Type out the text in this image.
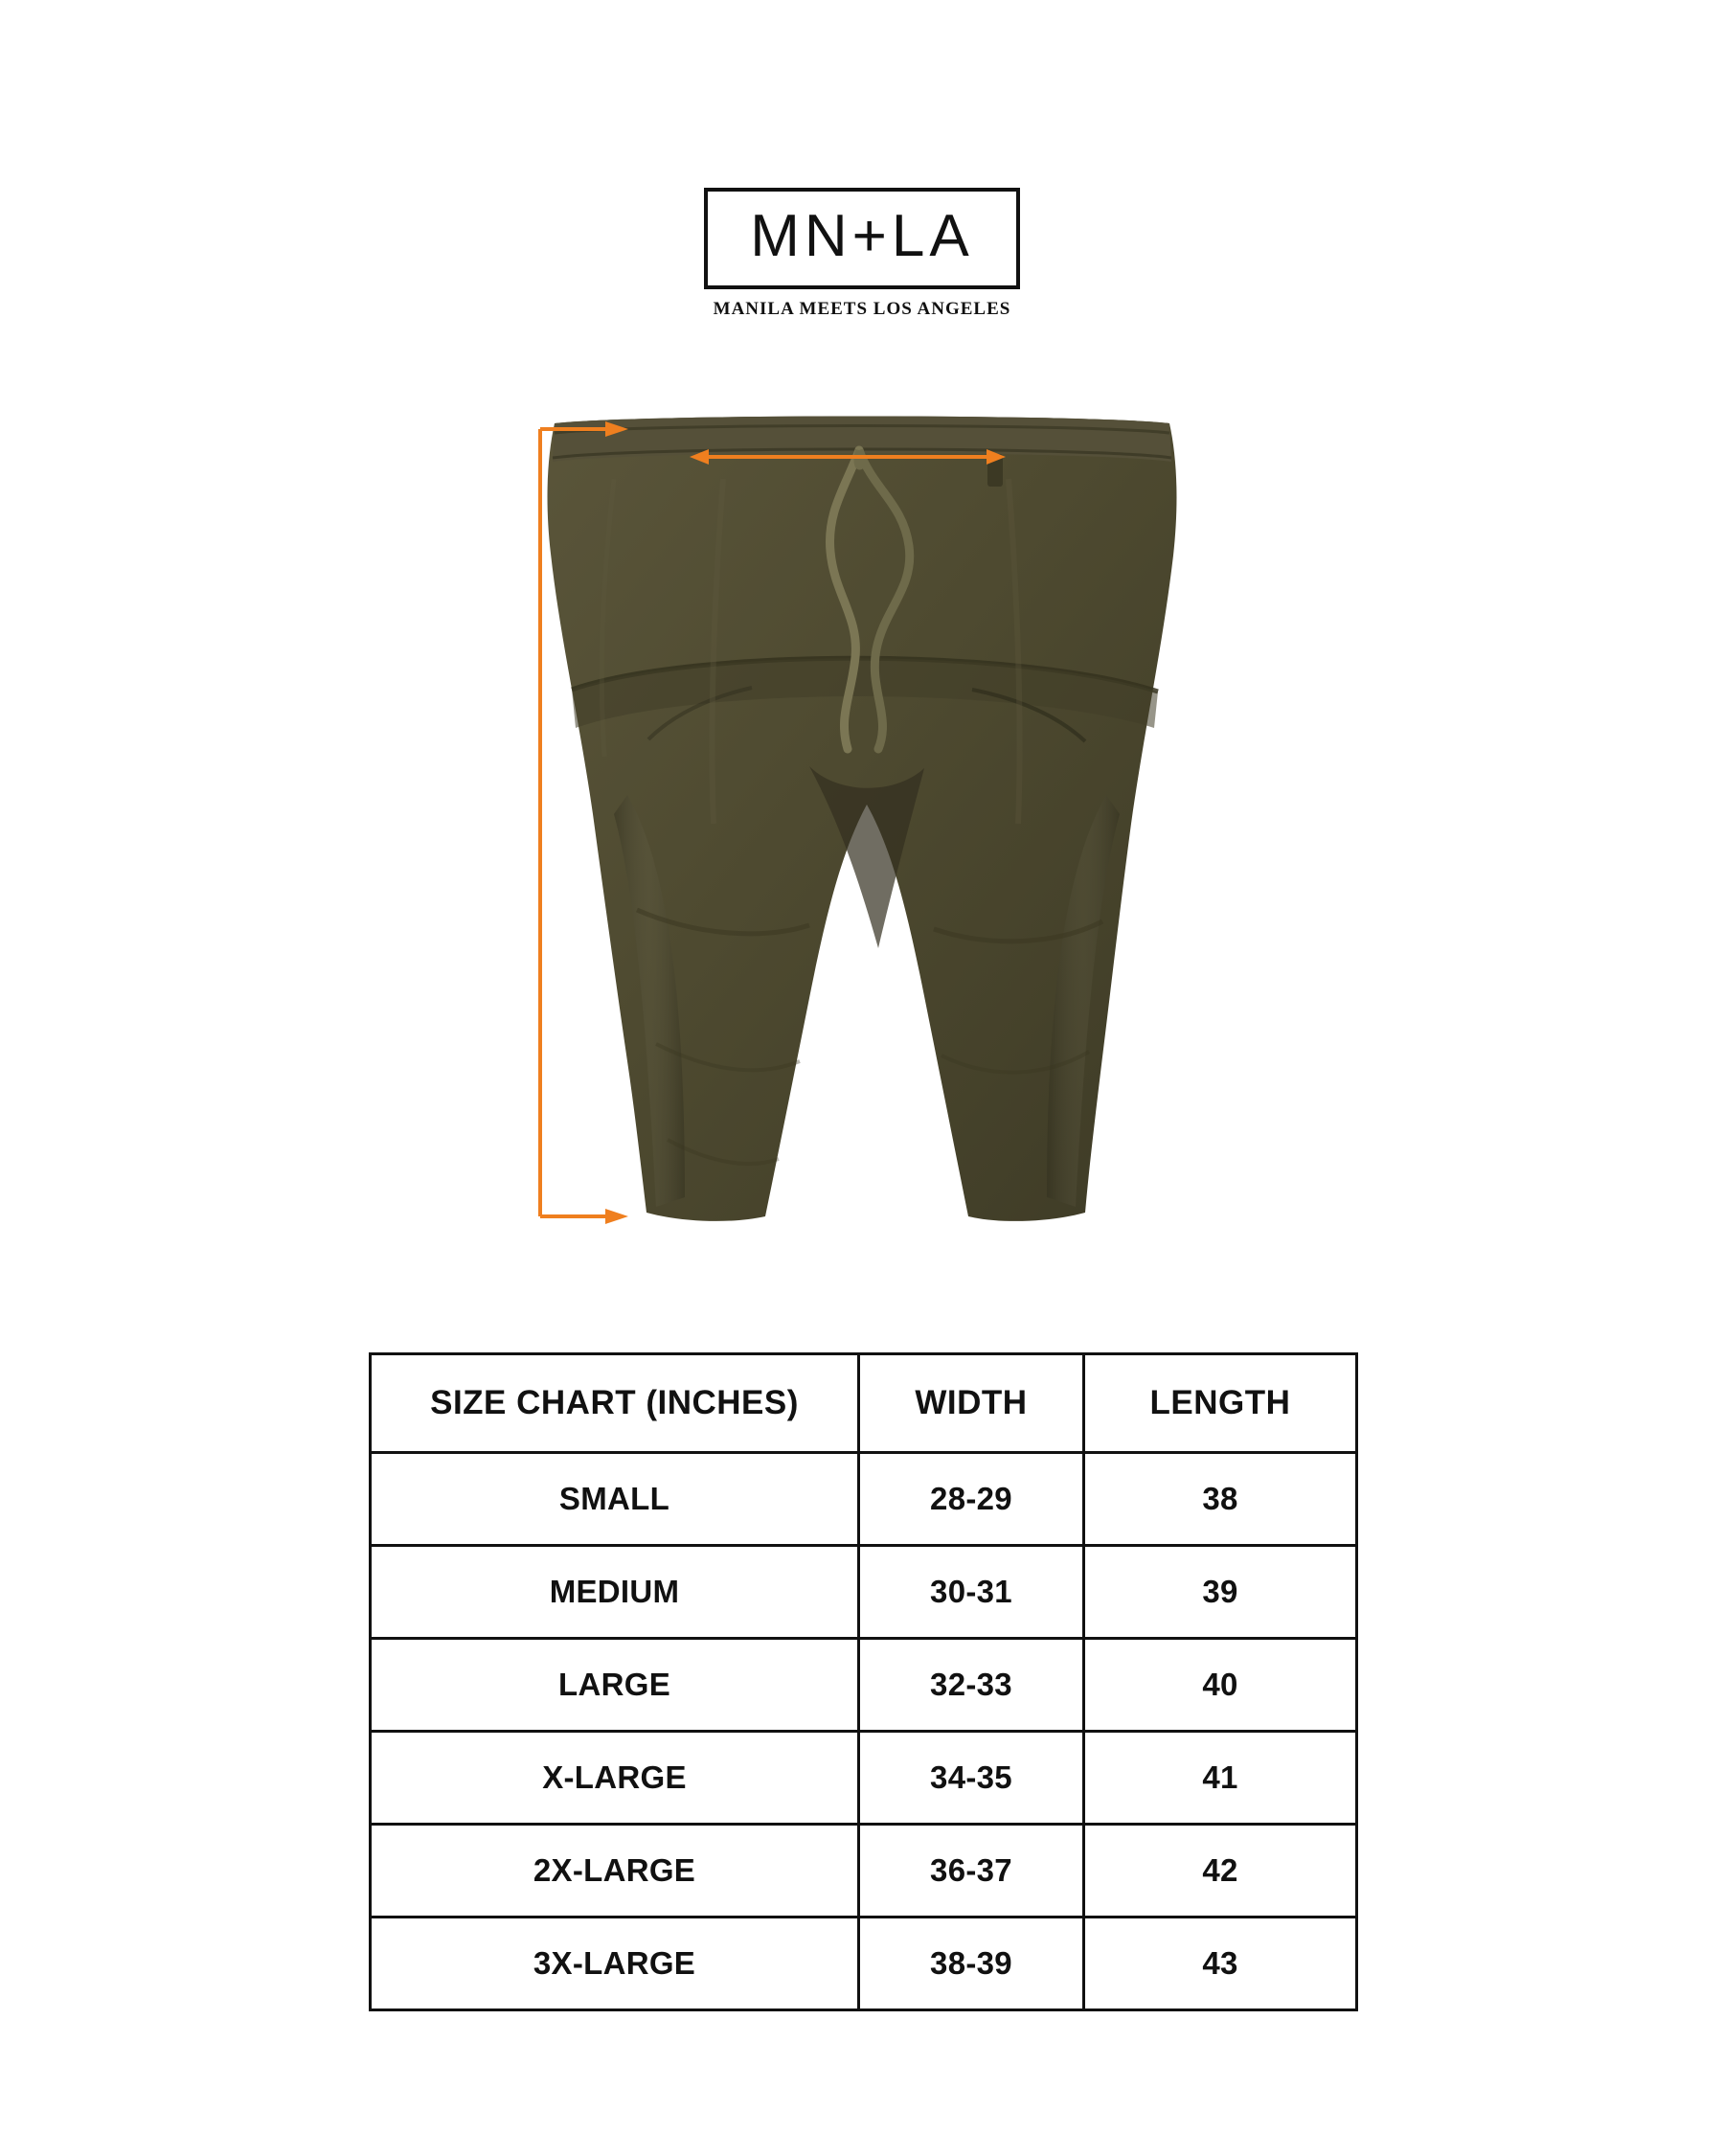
MN+LA
MANILA MEETS LOS ANGELES
SIZE CHART (INCHES)	WIDTH	LENGTH
SMALL	28-29	38
MEDIUM	30-31	39
LARGE	32-33	40
X-LARGE	34-35	41
2X-LARGE	36-37	42
3X-LARGE	38-39	43
